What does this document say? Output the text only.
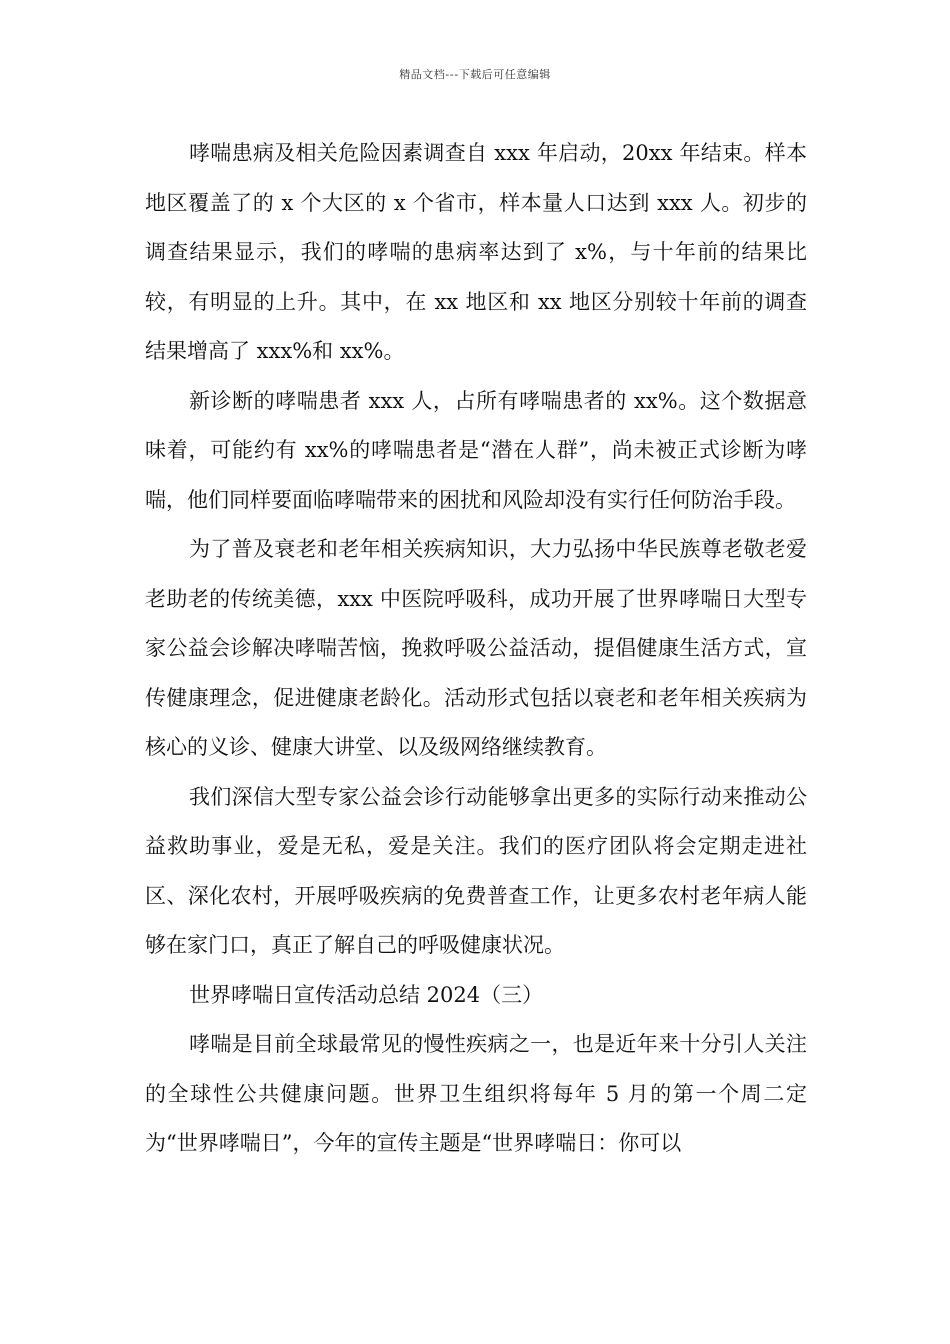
精品文档---下载后可任意编辑

哮喘患病及相关危险因素调查自 xxx 年启动，20xx 年结束。样本地区覆盖了的 x 个大区的 x 个省市，样本量人口达到 xxx 人。初步的调查结果显示，我们的哮喘的患病率达到了 x%，与十年前的结果比较，有明显的上升。其中，在 xx 地区和 xx 地区分别较十年前的调查结果增高了 xxx%和 xx%。

新诊断的哮喘患者 xxx 人，占所有哮喘患者的 xx%。这个数据意味着，可能约有 xx%的哮喘患者是“潜在人群”，尚未被正式诊断为哮喘，他们同样要面临哮喘带来的困扰和风险却没有实行任何防治手段。

为了普及衰老和老年相关疾病知识，大力弘扬中华民族尊老敬老爱老助老的传统美德，xxx 中医院呼吸科，成功开展了世界哮喘日大型专家公益会诊解决哮喘苦恼，挽救呼吸公益活动，提倡健康生活方式，宣传健康理念，促进健康老龄化。活动形式包括以衰老和老年相关疾病为核心的义诊、健康大讲堂、以及级网络继续教育。

我们深信大型专家公益会诊行动能够拿出更多的实际行动来推动公益救助事业，爱是无私，爱是关注。我们的医疗团队将会定期走进社区、深化农村，开展呼吸疾病的免费普查工作，让更多农村老年病人能够在家门口，真正了解自己的呼吸健康状况。

世界哮喘日宣传活动总结 2024（三）

哮喘是目前全球最常见的慢性疾病之一，也是近年来十分引人关注的全球性公共健康问题。世界卫生组织将每年 5 月的第一个周二定为“世界哮喘日”，今年的宣传主题是“世界哮喘日：你可以
